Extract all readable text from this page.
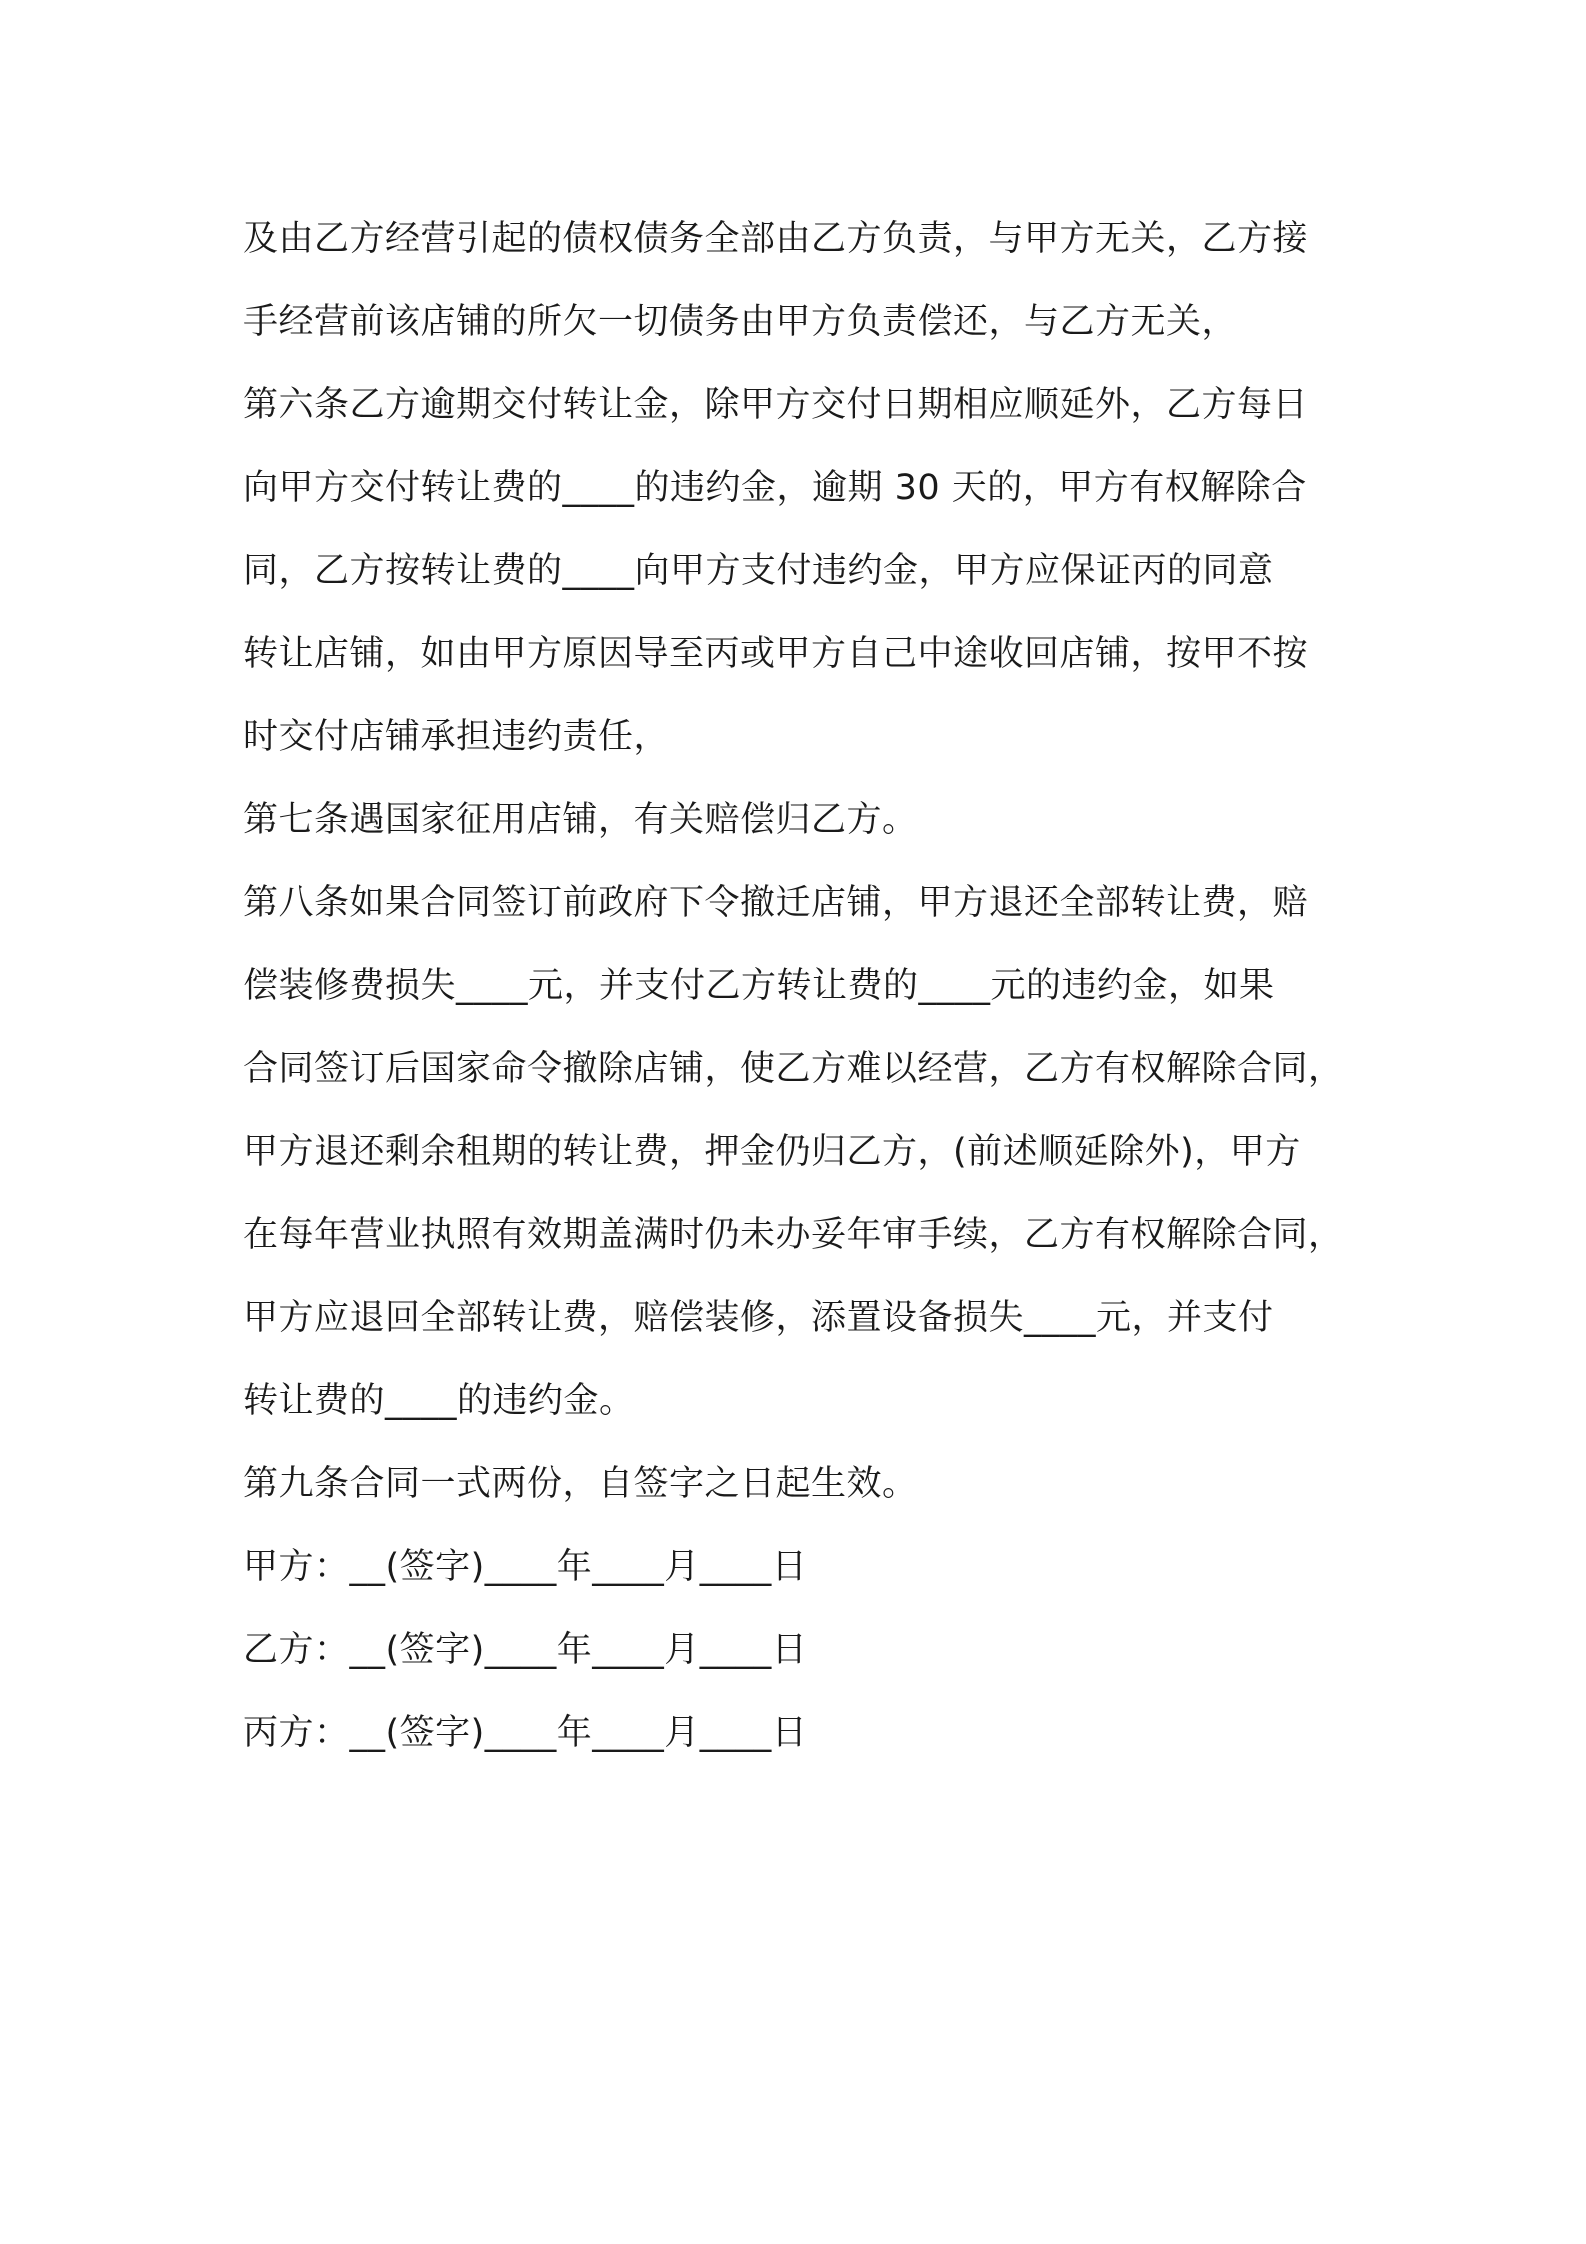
及由乙方经营引起的债权债务全部由乙方负责，与甲方无关，乙方接
手经营前该店铺的所欠一切债务由甲方负责偿还，与乙方无关，
第六条乙方逾期交付转让金，除甲方交付日期相应顺延外，乙方每日
向甲方交付转让费的____的违约金，逾期 30 天的，甲方有权解除合
同，乙方按转让费的____向甲方支付违约金，甲方应保证丙的同意
转让店铺，如由甲方原因导至丙或甲方自己中途收回店铺，按甲不按
时交付店铺承担违约责任，
第七条遇国家征用店铺，有关赔偿归乙方。
第八条如果合同签订前政府下令撤迁店铺，甲方退还全部转让费，赔
偿装修费损失____元，并支付乙方转让费的____元的违约金，如果
合同签订后国家命令撤除店铺，使乙方难以经营，乙方有权解除合同，
甲方退还剩余租期的转让费，押金仍归乙方，(前述顺延除外)，甲方
在每年营业执照有效期盖满时仍未办妥年审手续，乙方有权解除合同，
甲方应退回全部转让费，赔偿装修，添置设备损失____元，并支付
转让费的____的违约金。
第九条合同一式两份，自签字之日起生效。
甲方：__(签字)____年____月____日
乙方：__(签字)____年____月____日
丙方：__(签字)____年____月____日
